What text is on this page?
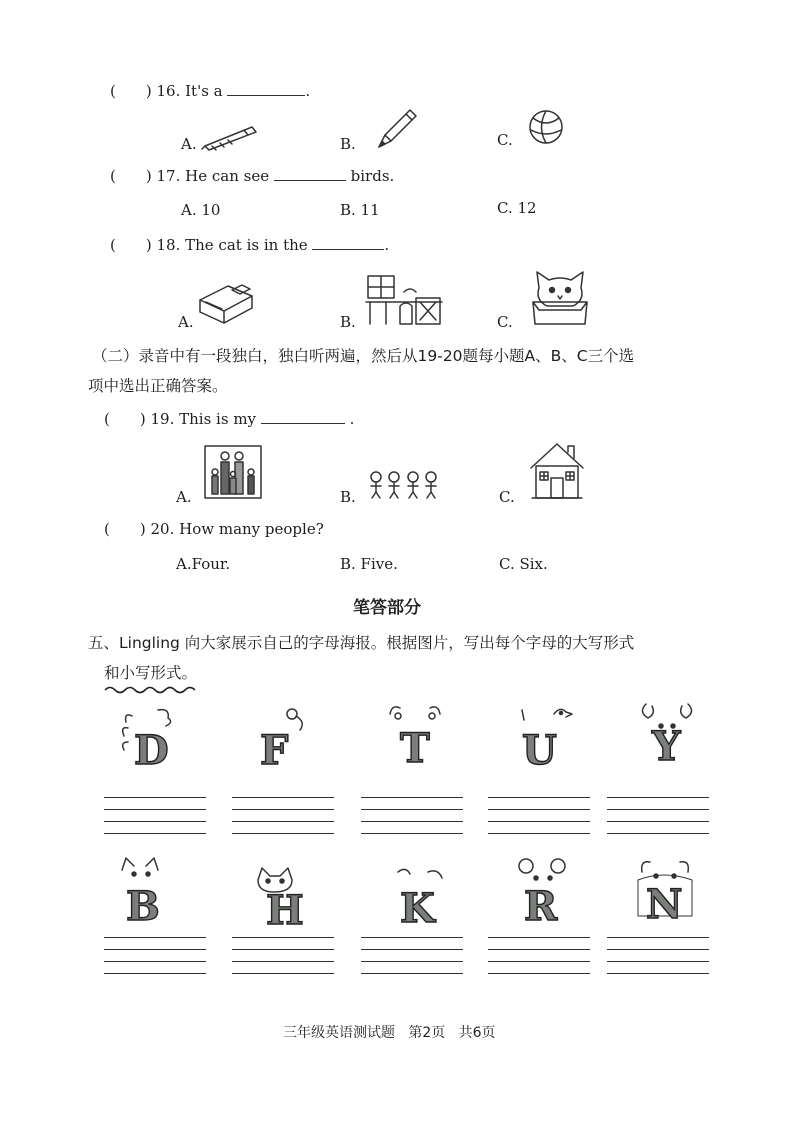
( ) 16. It's a	.
A.	B.	C.
( ) 17. He can see	birds.
A. 10	B. 11	C. 12
( ) 18. The cat is in the	.
A.	B.	C.
（二）录音中有一段独白，独白听两遍，然后从19-20题每小题A、B、C三个选
项中选出正确答案。
( ) 19. This is my	.
A.	B.	C.
( ) 20. How many people?
A.Four.	B. Five.	C. Six.
笔答部分
五、Lingling 向大家展示自己的字母海报。根据图片，写出每个字母的大写形式
和小写形式。
D F	T U Y
B	H K R N
三年级英语测试题   第2页   共6页
